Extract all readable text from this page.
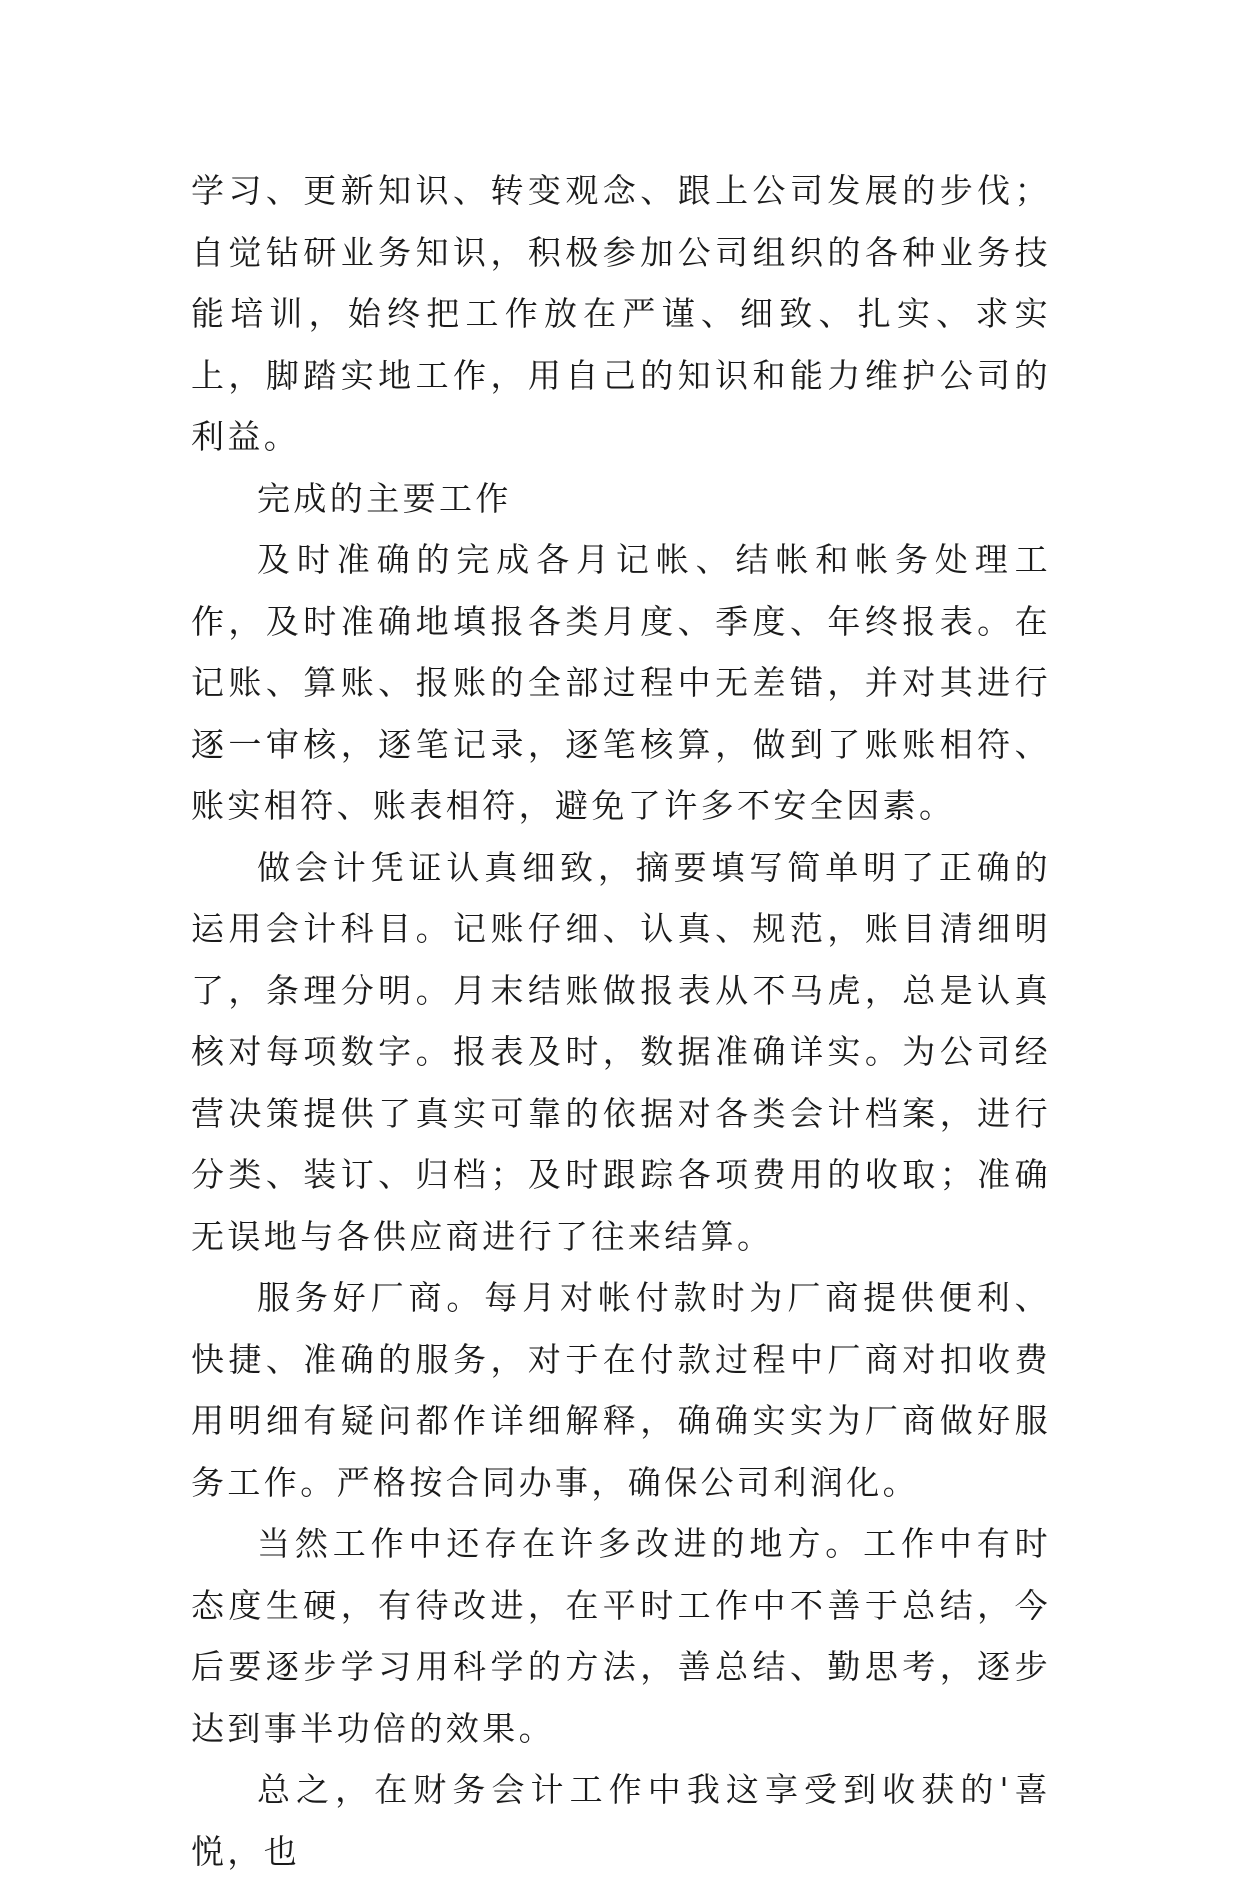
学习、更新知识、转变观念、跟上公司发展的步伐；自觉钻研业务知识，积极参加公司组织的各种业务技能培训，始终把工作放在严谨、细致、扎实、求实上，脚踏实地工作，用自己的知识和能力维护公司的利益。

完成的主要工作

及时准确的完成各月记帐、结帐和帐务处理工作，及时准确地填报各类月度、季度、年终报表。在记账、算账、报账的全部过程中无差错，并对其进行逐一审核，逐笔记录，逐笔核算，做到了账账相符、账实相符、账表相符，避免了许多不安全因素。

做会计凭证认真细致，摘要填写简单明了正确的运用会计科目。记账仔细、认真、规范，账目清细明了，条理分明。月末结账做报表从不马虎，总是认真核对每项数字。报表及时，数据准确详实。为公司经营决策提供了真实可靠的依据对各类会计档案，进行分类、装订、归档；及时跟踪各项费用的收取；准确无误地与各供应商进行了往来结算。

服务好厂商。每月对帐付款时为厂商提供便利、快捷、准确的服务，对于在付款过程中厂商对扣收费用明细有疑问都作详细解释，确确实实为厂商做好服务工作。严格按合同办事，确保公司利润化。

当然工作中还存在许多改进的地方。工作中有时态度生硬，有待改进，在平时工作中不善于总结，今后要逐步学习用科学的方法，善总结、勤思考，逐步达到事半功倍的效果。

总之，在财务会计工作中我这享受到收获的'喜悦，也
